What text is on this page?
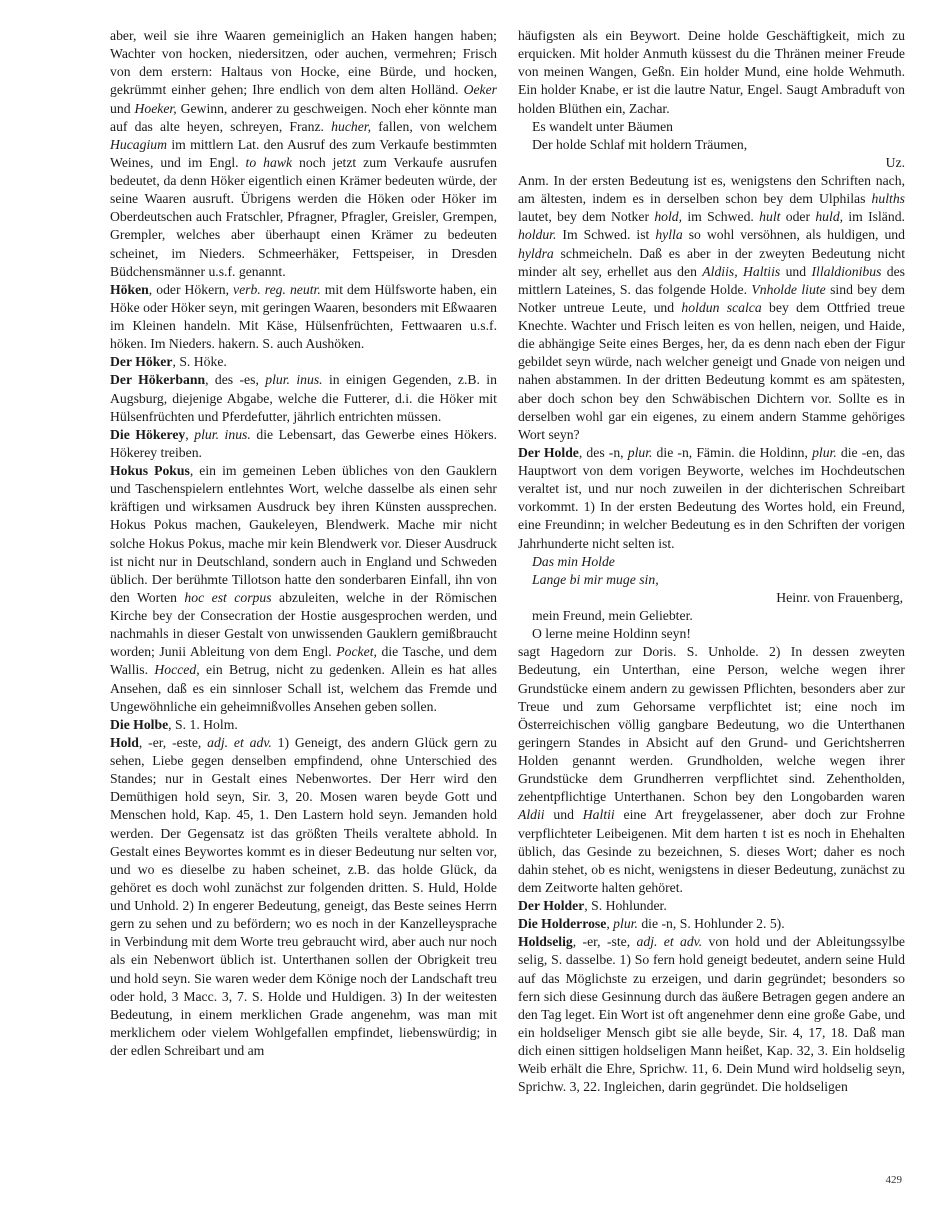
aber, weil sie ihre Waaren gemeiniglich an Haken hangen haben; Wachter von hocken, niedersitzen, oder auchen, vermehren; Frisch von dem erstern: Haltaus von Hocke, eine Bürde, und hocken, gekrümmt einher gehen; Ihre endlich von dem alten Holländ. Oeker und Hoeker, Gewinn, anderer zu geschweigen. Noch eher könnte man auf das alte heyen, schreyen, Franz. hucher, fallen, von welchem Hucagium im mittlern Lat. den Ausruf des zum Verkaufe bestimmten Weines, und im Engl. to hawk noch jetzt zum Verkaufe ausrufen bedeutet, da denn Höker eigentlich einen Krämer bedeuten würde, der seine Waaren ausruft. Übrigens werden die Höken oder Höker im Oberdeutschen auch Fratschler, Pfragner, Pfragler, Greisler, Grempen, Grempler, welches aber überhaupt einen Krämer zu bedeuten scheinet, im Nieders. Schmeerhäker, Fettspeiser, in Dresden Büdchensmänner u.s.f. genannt.

Höken, oder Hökern, verb. reg. neutr. mit dem Hülfsworte haben, ein Höke oder Höker seyn, mit geringen Waaren, besonders mit Eßwaaren im Kleinen handeln. Mit Käse, Hülsenfrüchten, Fettwaaren u.s.f. höken. Im Nieders. hakern. S. auch Aushöken.

Der Höker, S. Höke.

Der Hökerbann, des -es, plur. inus. in einigen Gegenden, z.B. in Augsburg, diejenige Abgabe, welche die Futterer, d.i. die Höker mit Hülsenfrüchten und Pferdefutter, jährlich entrichten müssen.

Die Hökerey, plur. inus. die Lebensart, das Gewerbe eines Hökers. Hökerey treiben.

Hokus Pokus, ein im gemeinen Leben übliches von den Gauklern und Taschenspielern entlehntes Wort, welche dasselbe als einen sehr kräftigen und wirksamen Ausdruck bey ihren Künsten aussprechen. Hokus Pokus machen, Gaukeleyen, Blendwerk. Mache mir nicht solche Hokus Pokus, mache mir kein Blendwerk vor. Dieser Ausdruck ist nicht nur in Deutschland, sondern auch in England und Schweden üblich. Der berühmte Tillotson hatte den sonderbaren Einfall, ihn von den Worten hoc est corpus abzuleiten, welche in der Römischen Kirche bey der Consecration der Hostie ausgesprochen werden, und nachmahls in dieser Gestalt von unwissenden Gauklern gemißbraucht worden; Junii Ableitung von dem Engl. Pocket, die Tasche, und dem Wallis. Hocced, ein Betrug, nicht zu gedenken. Allein es hat alles Ansehen, daß es ein sinnloser Schall ist, welchem das Fremde und Ungewöhnliche ein geheimnißvolles Ansehen geben sollen.

Die Holbe, S. 1. Holm.

Hold, -er, -este, adj. et adv. 1) Geneigt, des andern Glück gern zu sehen, Liebe gegen denselben empfindend, ohne Unterschied des Standes; nur in Gestalt eines Nebenwortes. Der Herr wird den Demüthigen hold seyn, Sir. 3, 20. Mosen waren beyde Gott und Menschen hold, Kap. 45, 1. Den Lastern hold seyn. Jemanden hold werden. Der Gegensatz ist das größten Theils veraltete abhold. In Gestalt eines Beywortes kommt es in dieser Bedeutung nur selten vor, und wo es dieselbe zu haben scheinet, z.B. das holde Glück, da gehöret es doch wohl zunächst zur folgenden dritten. S. Huld, Holde und Unhold. 2) In engerer Bedeutung, geneigt, das Beste seines Herrn gern zu sehen und zu befördern; wo es noch in der Kanzelleysprache in Verbindung mit dem Worte treu gebraucht wird, aber auch nur noch als ein Nebenwort üblich ist. Unterthanen sollen der Obrigkeit treu und hold seyn. Sie waren weder dem Könige noch der Landschaft treu oder hold, 3 Macc. 3, 7. S. Holde und Huldigen. 3) In der weitesten Bedeutung, in einem merklichen Grade angenehm, was man mit merklichem oder vielem Wohlgefallen empfindet, liebenswürdig; in der edlen Schreibart und am

häufigsten als ein Beywort. Deine holde Geschäftigkeit, mich zu erquicken. Mit holder Anmuth küssest du die Thränen meiner Freude von meinen Wangen, Geßn. Ein holder Mund, eine holde Wehmuth. Ein holder Knabe, er ist die lautre Natur, Engel. Saugt Ambraduft von holden Blüthen ein, Zachar.

Es wandelt unter Bäumen

Der holde Schlaf mit holdern Träumen,

Uz.

Anm. In der ersten Bedeutung ist es, wenigstens den Schriften nach, am ältesten, indem es in derselben schon bey dem Ulphilas hulths lautet, bey dem Notker hold, im Schwed. hult oder huld, im Isländ. holdur. Im Schwed. ist hylla so wohl versöhnen, als huldigen, und hyldra schmeicheln. Daß es aber in der zweyten Bedeutung nicht minder alt sey, erhellet aus den Aldiis, Haltiis und Illaldionibus des mittlern Lateines, S. das folgende Holde. Vnholde liute sind bey dem Notker untreue Leute, und holdun scalca bey dem Ottfried treue Knechte. Wachter und Frisch leiten es von hellen, neigen, und Haide, die abhängige Seite eines Berges, her, da es denn nach eben der Figur gebildet seyn würde, nach welcher geneigt und Gnade von neigen und nahen abstammen. In der dritten Bedeutung kommt es am spätesten, aber doch schon bey den Schwäbischen Dichtern vor. Sollte es in derselben wohl gar ein eigenes, zu einem andern Stamme gehöriges Wort seyn?

Der Holde, des -n, plur. die -n, Fämin. die Holdinn, plur. die -en, das Hauptwort von dem vorigen Beyworte, welches im Hochdeutschen veraltet ist, und nur noch zuweilen in der dichterischen Schreibart vorkommt. 1) In der ersten Bedeutung des Wortes hold, ein Freund, eine Freundinn; in welcher Bedeutung es in den Schriften der vorigen Jahrhunderte nicht selten ist.

Das min Holde

Lange bi mir muge sin,

Heinr. von Frauenberg,

mein Freund, mein Geliebter.

O lerne meine Holdinn seyn!

sagt Hagedorn zur Doris. S. Unholde. 2) In dessen zweyten Bedeutung, ein Unterthan, eine Person, welche wegen ihrer Grundstücke einem andern zu gewissen Pflichten, besonders aber zur Treue und zum Gehorsame verpflichtet ist; eine noch im Österreichischen völlig gangbare Bedeutung, wo die Unterthanen geringern Standes in Absicht auf den Grund- und Gerichtsherren Holden genannt werden. Grundholden, welche wegen ihrer Grundstücke dem Grundherren verpflichtet sind. Zehentholden, zehentpflichtige Unterthanen. Schon bey den Longobarden waren Aldii und Haltii eine Art freygelassener, aber doch zur Frohne verpflichteter Leibeigenen. Mit dem harten t ist es noch in Ehehalten üblich, das Gesinde zu bezeichnen, S. dieses Wort; daher es noch dahin stehet, ob es nicht, wenigstens in dieser Bedeutung, zunächst zu dem Zeitworte halten gehöret.

Der Holder, S. Hohlunder.

Die Holderrose, plur. die -n, S. Hohlunder 2. 5).

Holdselig, -er, -ste, adj. et adv. von hold und der Ableitungssylbe selig, S. dasselbe. 1) So fern hold geneigt bedeutet, andern seine Huld auf das Möglichste zu erzeigen, und darin gegründet; besonders so fern sich diese Gesinnung durch das äußere Betragen gegen andere an den Tag leget. Ein Wort ist oft angenehmer denn eine große Gabe, und ein holdseliger Mensch gibt sie alle beyde, Sir. 4, 17, 18. Daß man dich einen sittigen holdseligen Mann heißet, Kap. 32, 3. Ein holdselig Weib erhält die Ehre, Sprichw. 11, 6. Dein Mund wird holdselig seyn, Sprichw. 3, 22. Ingleichen, darin gegründet. Die holdseligen

429
